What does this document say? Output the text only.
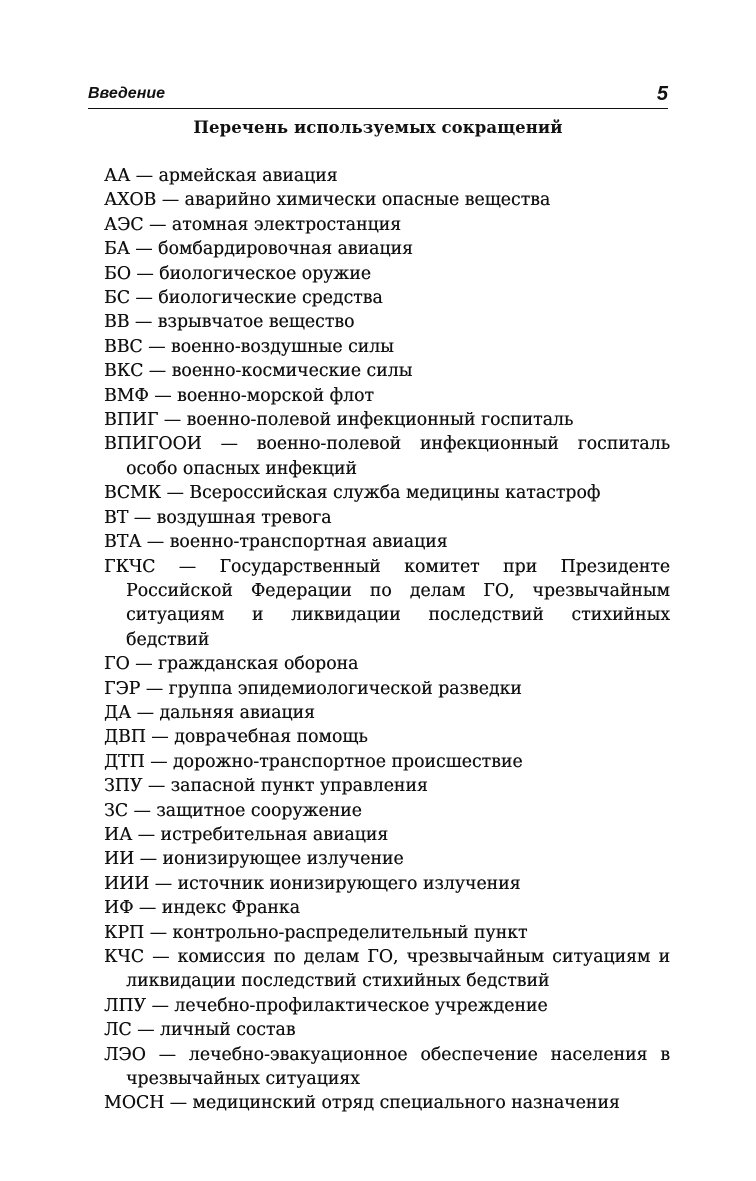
Введение	5
Перечень используемых сокращений
АА — армейская авиация
АХОВ — аварийно химически опасные вещества
АЭС — атомная электростанция
БА — бомбардировочная авиация
БО — биологическое оружие
БС — биологические средства
ВВ — взрывчатое вещество
ВВС — военно-воздушные силы
ВКС — военно-космические силы
ВМФ — военно-морской флот
ВПИГ — военно-полевой инфекционный госпиталь
ВПИГООИ — военно-полевой инфекционный госпиталь особо опасных инфекций
ВСМК — Всероссийская служба медицины катастроф
ВТ — воздушная тревога
ВТА — военно-транспортная авиация
ГКЧС — Государственный комитет при Президенте Российской Федерации по делам ГО, чрезвычайным ситуациям и ликвидации последствий стихийных бедствий
ГО — гражданская оборона
ГЭР — группа эпидемиологической разведки
ДА — дальняя авиация
ДВП — доврачебная помощь
ДТП — дорожно-транспортное происшествие
ЗПУ — запасной пункт управления
ЗС — защитное сооружение
ИА — истребительная авиация
ИИ — ионизирующее излучение
ИИИ — источник ионизирующего излучения
ИФ — индекс Франка
КРП — контрольно-распределительный пункт
КЧС — комиссия по делам ГО, чрезвычайным ситуациям и ликвидации последствий стихийных бедствий
ЛПУ — лечебно-профилактическое учреждение
ЛС — личный состав
ЛЭО — лечебно-эвакуационное обеспечение населения в чрезвычайных ситуациях
МОСН — медицинский отряд специального назначения
